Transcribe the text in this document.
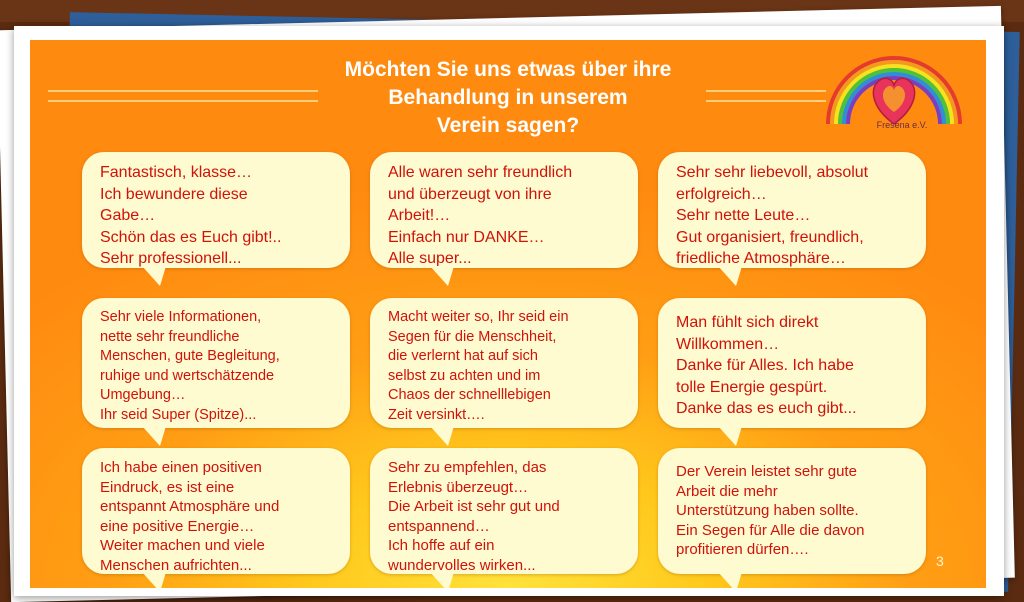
Möchten Sie uns etwas über ihre
Behandlung in unserem
Verein sagen?	Fresena e.V.
Fantastisch, klasse…
Ich bewundere diese
Gabe…
Schön das es Euch gibt!..
Sehr professionell...
Alle waren sehr freundlich
und überzeugt von ihre
Arbeit!…
Einfach nur DANKE…
Alle super...
Sehr sehr liebevoll, absolut
erfolgreich…
Sehr nette Leute…
Gut organisiert, freundlich,
friedliche Atmosphäre…
Sehr viele Informationen,
nette sehr freundliche
Menschen, gute Begleitung,
ruhige und wertschätzende
Umgebung…
Ihr seid Super (Spitze)...
Macht weiter so, Ihr seid ein
Segen für die Menschheit,
die verlernt hat auf sich
selbst zu achten und im
Chaos der schnelllebigen
Zeit versinkt….
Man fühlt sich direkt
Willkommen…
Danke für Alles. Ich habe
tolle Energie gespürt.
Danke das es euch gibt...
Ich habe einen positiven
Eindruck, es ist eine
entspannt Atmosphäre und
eine positive Energie…
Weiter machen und viele
Menschen aufrichten...
Sehr zu empfehlen, das
Erlebnis überzeugt…
Die Arbeit ist sehr gut und
entspannend…
Ich hoffe auf ein
wundervolles wirken...
Der Verein leistet sehr gute
Arbeit die mehr
Unterstützung haben sollte.
Ein Segen für Alle die davon
profitieren dürfen….
3
